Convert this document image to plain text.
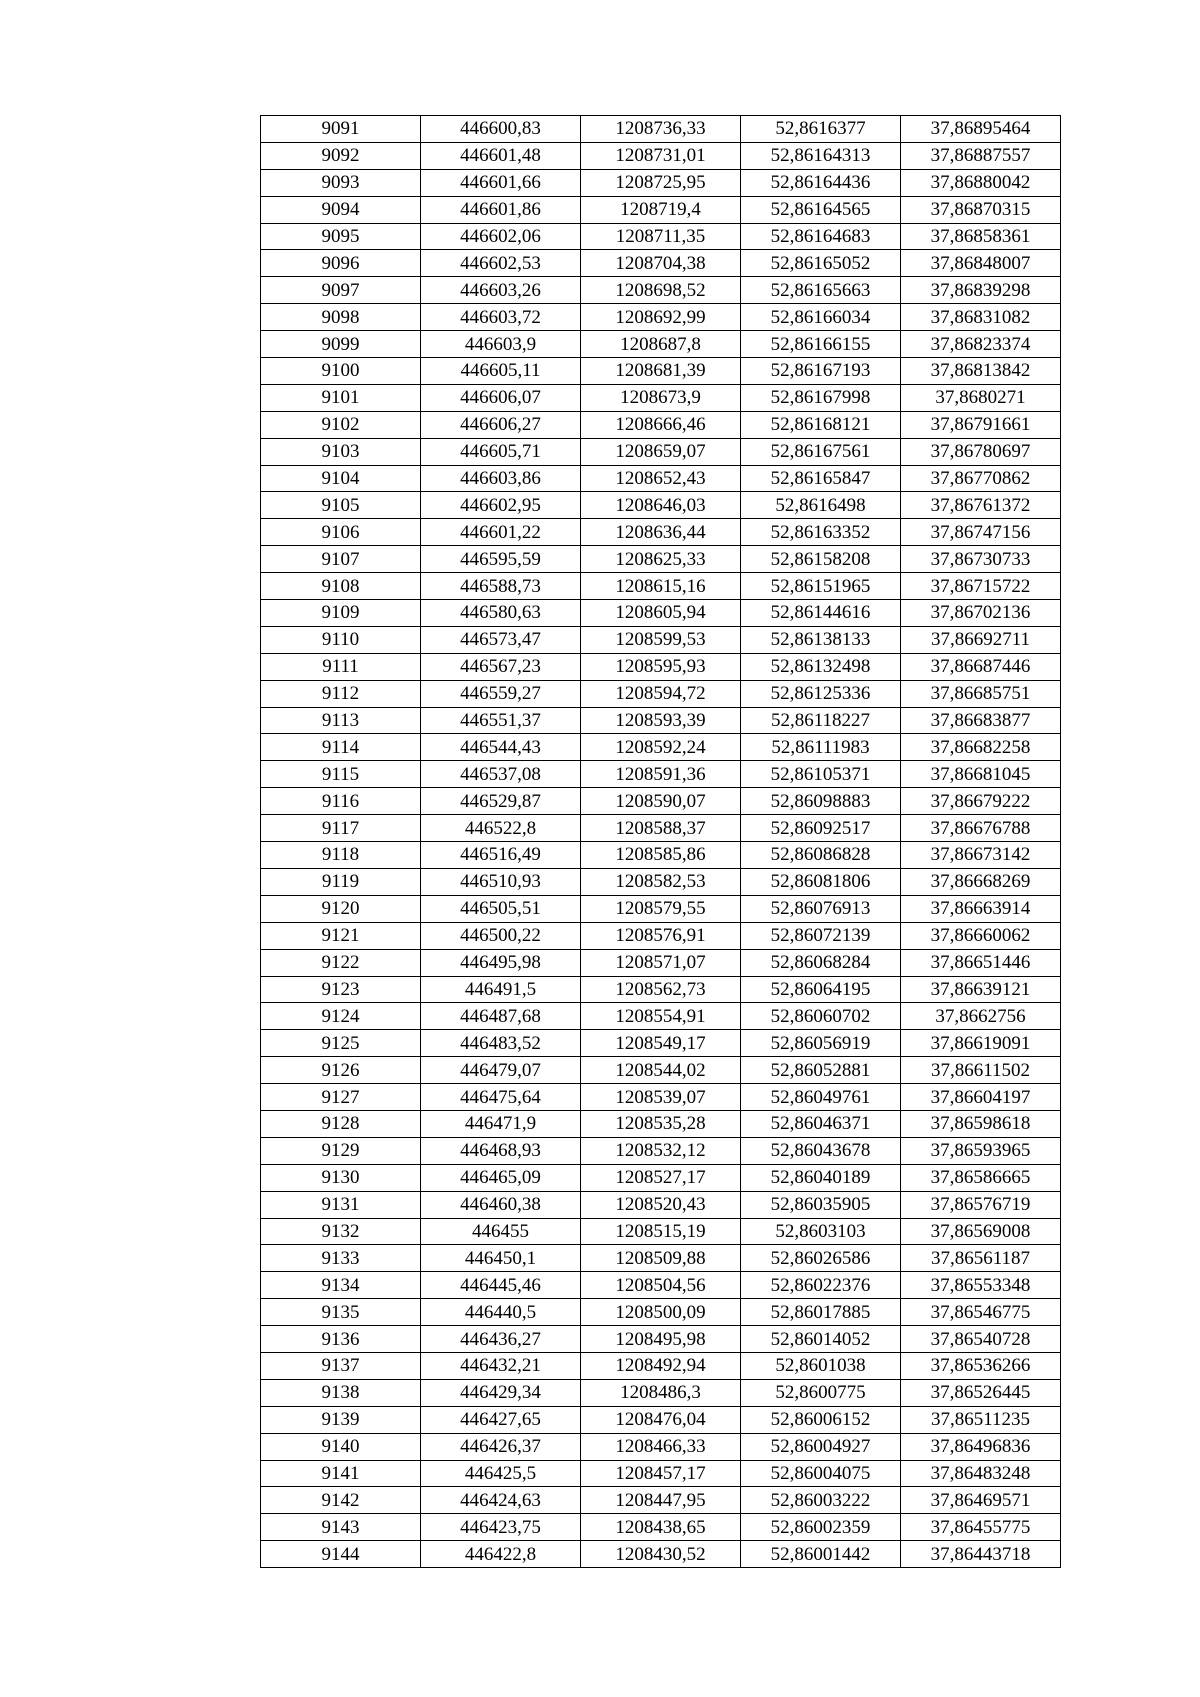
9091	446600,83	1208736,33	52,8616377	37,86895464
9092	446601,48	1208731,01	52,86164313	37,86887557
9093	446601,66	1208725,95	52,86164436	37,86880042
9094	446601,86	1208719,4	52,86164565	37,86870315
9095	446602,06	1208711,35	52,86164683	37,86858361
9096	446602,53	1208704,38	52,86165052	37,86848007
9097	446603,26	1208698,52	52,86165663	37,86839298
9098	446603,72	1208692,99	52,86166034	37,86831082
9099	446603,9	1208687,8	52,86166155	37,86823374
9100	446605,11	1208681,39	52,86167193	37,86813842
9101	446606,07	1208673,9	52,86167998	37,8680271
9102	446606,27	1208666,46	52,86168121	37,86791661
9103	446605,71	1208659,07	52,86167561	37,86780697
9104	446603,86	1208652,43	52,86165847	37,86770862
9105	446602,95	1208646,03	52,8616498	37,86761372
9106	446601,22	1208636,44	52,86163352	37,86747156
9107	446595,59	1208625,33	52,86158208	37,86730733
9108	446588,73	1208615,16	52,86151965	37,86715722
9109	446580,63	1208605,94	52,86144616	37,86702136
9110	446573,47	1208599,53	52,86138133	37,86692711
9111	446567,23	1208595,93	52,86132498	37,86687446
9112	446559,27	1208594,72	52,86125336	37,86685751
9113	446551,37	1208593,39	52,86118227	37,86683877
9114	446544,43	1208592,24	52,86111983	37,86682258
9115	446537,08	1208591,36	52,86105371	37,86681045
9116	446529,87	1208590,07	52,86098883	37,86679222
9117	446522,8	1208588,37	52,86092517	37,86676788
9118	446516,49	1208585,86	52,86086828	37,86673142
9119	446510,93	1208582,53	52,86081806	37,86668269
9120	446505,51	1208579,55	52,86076913	37,86663914
9121	446500,22	1208576,91	52,86072139	37,86660062
9122	446495,98	1208571,07	52,86068284	37,86651446
9123	446491,5	1208562,73	52,86064195	37,86639121
9124	446487,68	1208554,91	52,86060702	37,8662756
9125	446483,52	1208549,17	52,86056919	37,86619091
9126	446479,07	1208544,02	52,86052881	37,86611502
9127	446475,64	1208539,07	52,86049761	37,86604197
9128	446471,9	1208535,28	52,86046371	37,86598618
9129	446468,93	1208532,12	52,86043678	37,86593965
9130	446465,09	1208527,17	52,86040189	37,86586665
9131	446460,38	1208520,43	52,86035905	37,86576719
9132	446455	1208515,19	52,8603103	37,86569008
9133	446450,1	1208509,88	52,86026586	37,86561187
9134	446445,46	1208504,56	52,86022376	37,86553348
9135	446440,5	1208500,09	52,86017885	37,86546775
9136	446436,27	1208495,98	52,86014052	37,86540728
9137	446432,21	1208492,94	52,8601038	37,86536266
9138	446429,34	1208486,3	52,8600775	37,86526445
9139	446427,65	1208476,04	52,86006152	37,86511235
9140	446426,37	1208466,33	52,86004927	37,86496836
9141	446425,5	1208457,17	52,86004075	37,86483248
9142	446424,63	1208447,95	52,86003222	37,86469571
9143	446423,75	1208438,65	52,86002359	37,86455775
9144	446422,8	1208430,52	52,86001442	37,86443718
